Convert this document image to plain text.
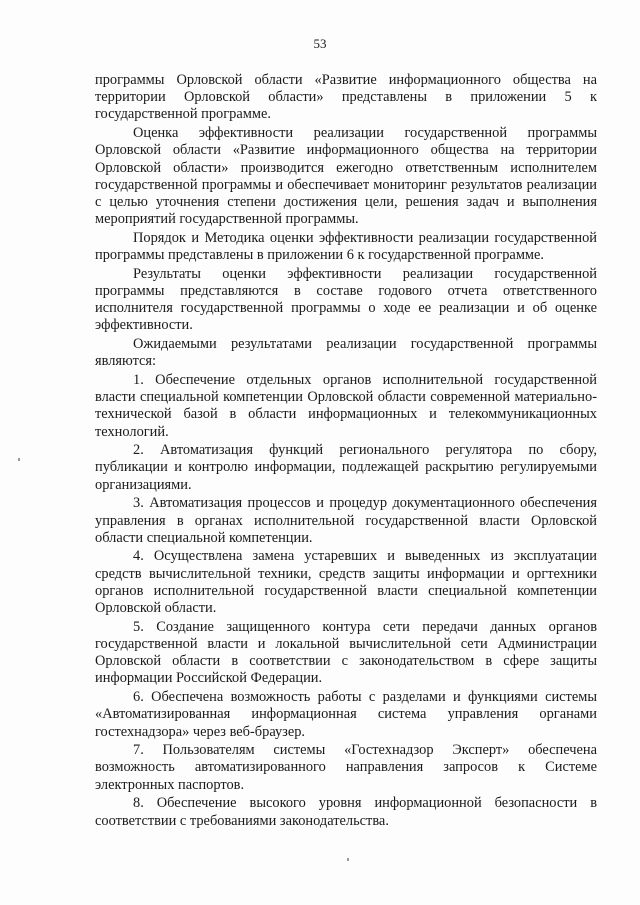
53

программы Орловской области «Развитие информационного общества на территории Орловской области» представлены в приложении 5 к государственной программе.

Оценка эффективности реализации государственной программы Орловской области «Развитие информационного общества на территории Орловской области» производится ежегодно ответственным исполнителем государственной программы и обеспечивает мониторинг результатов реализации с целью уточнения степени достижения цели, решения задач и выполнения мероприятий государственной программы.

Порядок и Методика оценки эффективности реализации государственной программы представлены в приложении 6 к государственной программе.

Результаты оценки эффективности реализации государственной программы представляются в составе годового отчета ответственного исполнителя государственной программы о ходе ее реализации и об оценке эффективности.

Ожидаемыми результатами реализации государственной программы являются:

1. Обеспечение отдельных органов исполнительной государственной власти специальной компетенции Орловской области современной материально-технической базой в области информационных и телекоммуникационных технологий.

2. Автоматизация функций регионального регулятора по сбору, публикации и контролю информации, подлежащей раскрытию регулируемыми организациями.

3. Автоматизация процессов и процедур документационного обеспечения управления в органах исполнительной государственной власти Орловской области специальной компетенции.

4. Осуществлена замена устаревших и выведенных из эксплуатации средств вычислительной техники, средств защиты информации и оргтехники органов исполнительной государственной власти специальной компетенции Орловской области.

5. Создание защищенного контура сети передачи данных органов государственной власти и локальной вычислительной сети Администрации Орловской области в соответствии с законодательством в сфере защиты информации Российской Федерации.

6. Обеспечена возможность работы с разделами и функциями системы «Автоматизированная информационная система управления органами гостехнадзора» через веб-браузер.

7. Пользователям системы «Гостехнадзор Эксперт» обеспечена возможность автоматизированного направления запросов к Системе электронных паспортов.

8. Обеспечение высокого уровня информационной безопасности в соответствии с требованиями законодательства.
